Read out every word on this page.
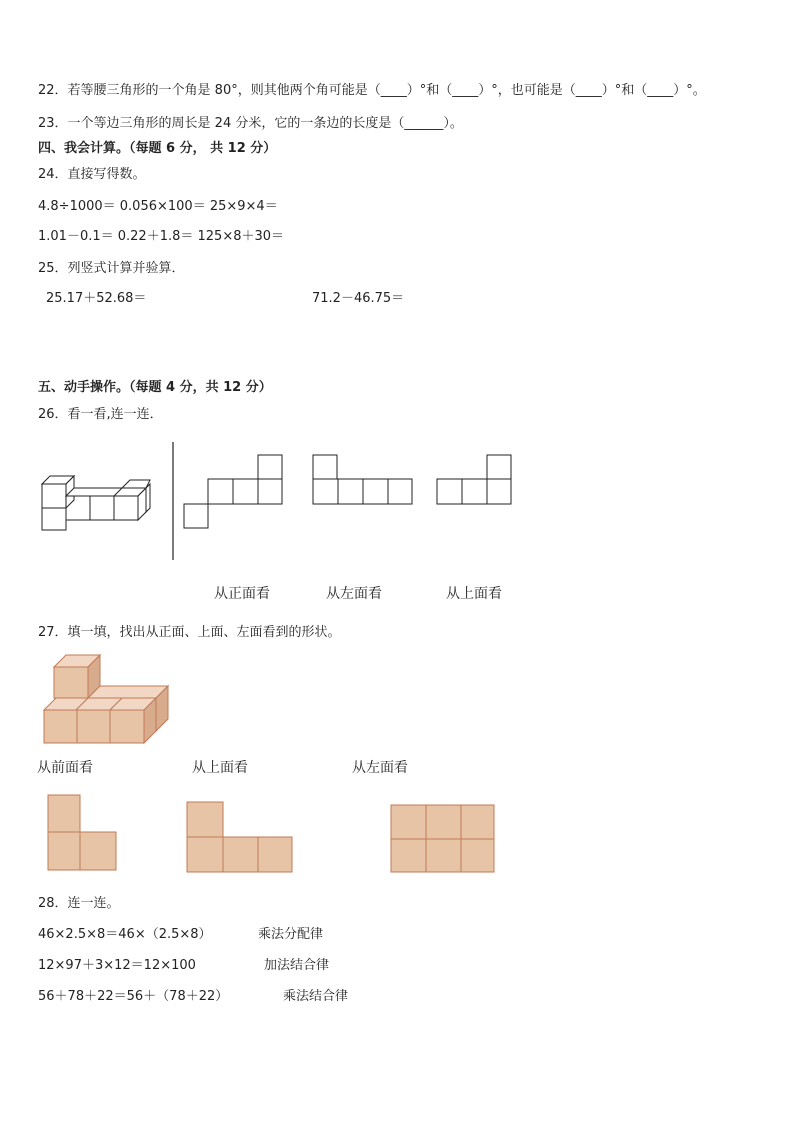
22．若等腰三角形的一个角是 80°，则其他两个角可能是（____）°和（____）°，也可能是（____）°和（____）°。
23．一个等边三角形的周长是 24 分米，它的一条边的长度是（______）。
四、我会计算。（每题 6 分， 共 12 分）
24．直接写得数。
4.8÷1000＝ 0.056×100＝ 25×9×4＝
1.01－0.1＝ 0.22＋1.8＝ 125×8＋30＝
25．列竖式计算并验算．
25.17＋52.68＝	71.2－46.75＝
五、动手操作。（每题 4 分，共 12 分）
26．看一看,连一连．
从正面看	从左面看	从上面看
27．填一填，找出从正面、上面、左面看到的形状。
从前面看	从上面看	从左面看
28．连一连。
46×2.5×8＝46×（2.5×8）
12×97＋3×12＝12×100
56＋78＋22＝56＋（78＋22）
乘法分配律
加法结合律
乘法结合律
